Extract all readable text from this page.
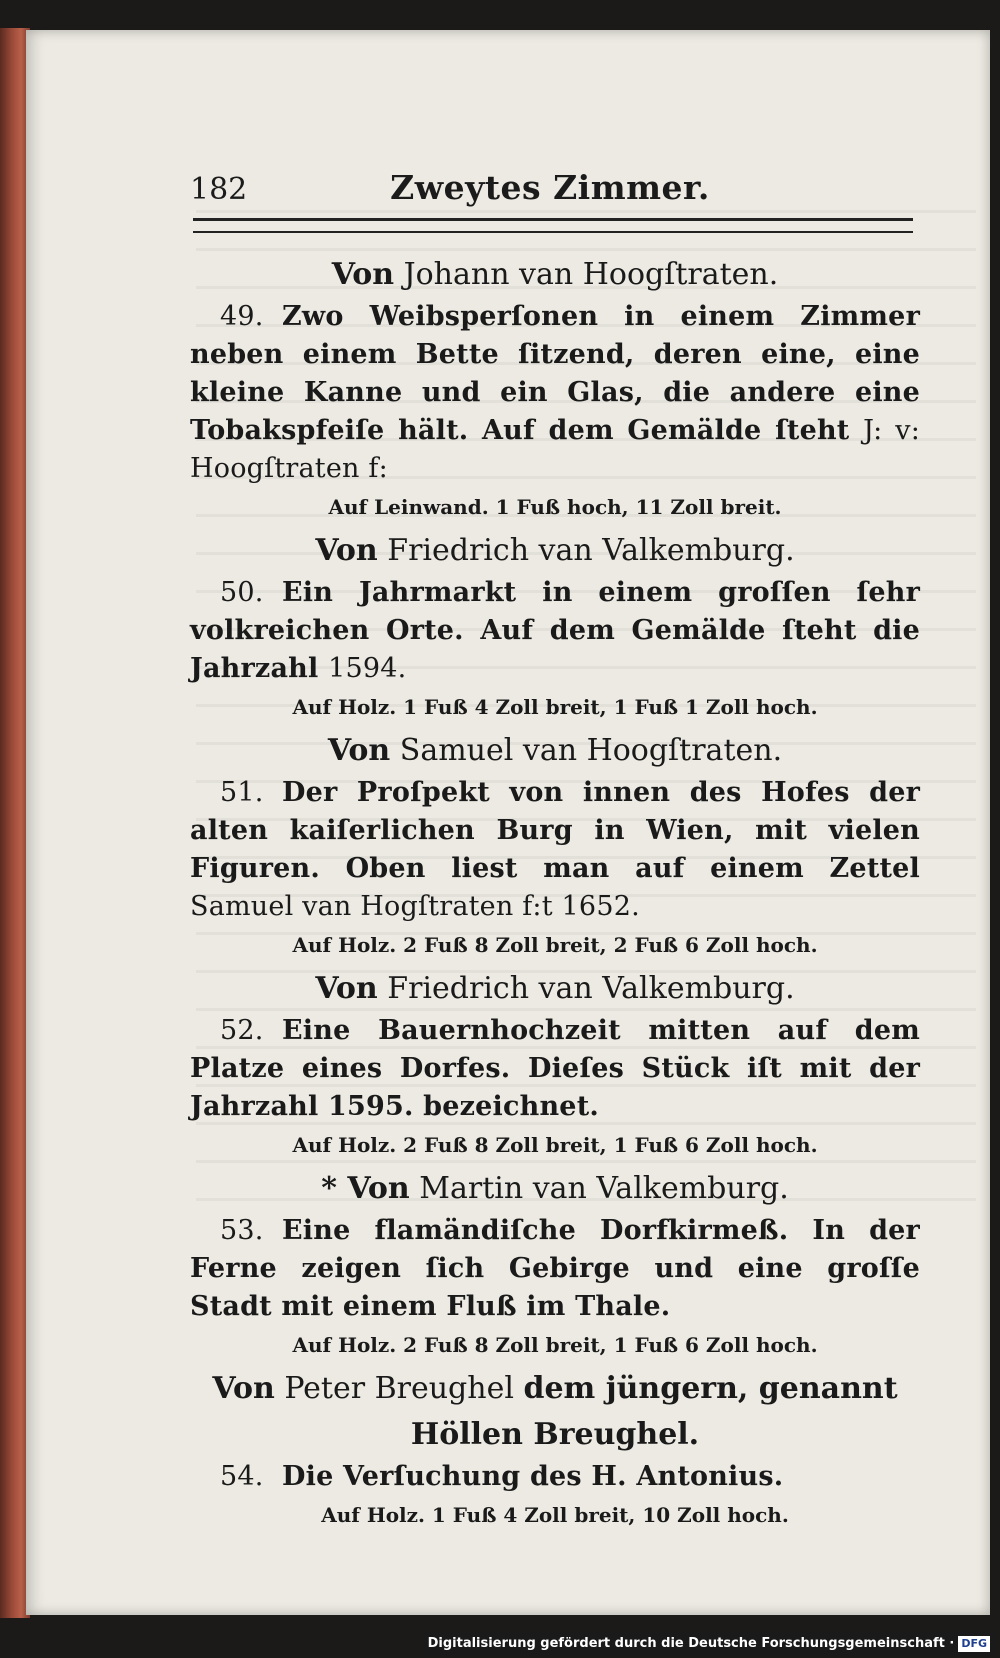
182	Zweytes Zimmer.

Von Johann van Hoogſtraten.

49. Zwo Weibsperſonen in einem Zimmer neben einem Bette ſitzend, deren eine, eine kleine Kanne und ein Glas, die andere eine Tobakspfeiſe hält. Auf dem Gemälde ſteht J: v: Hoogſtraten f:

Auf Leinwand. 1 Fuß hoch, 11 Zoll breit.

Von Friedrich van Valkemburg.

50. Ein Jahrmarkt in einem groſſen ſehr volkreichen Orte. Auf dem Gemälde ſteht die Jahrzahl 1594.

Auf Holz. 1 Fuß 4 Zoll breit, 1 Fuß 1 Zoll hoch.

Von Samuel van Hoogſtraten.

51. Der Proſpekt von innen des Hofes der alten kaiſerlichen Burg in Wien, mit vielen Figuren. Oben liest man auf einem Zettel Samuel van Hogſtraten f:t 1652.

Auf Holz. 2 Fuß 8 Zoll breit, 2 Fuß 6 Zoll hoch.

Von Friedrich van Valkemburg.

52. Eine Bauernhochzeit mitten auf dem Platze eines Dorfes. Dieſes Stück iſt mit der Jahrzahl 1595. bezeichnet.

Auf Holz. 2 Fuß 8 Zoll breit, 1 Fuß 6 Zoll hoch.

* Von Martin van Valkemburg.

53. Eine flamändiſche Dorfkirmeß. In der Ferne zeigen ſich Gebirge und eine groſſe Stadt mit einem Fluß im Thale.

Auf Holz. 2 Fuß 8 Zoll breit, 1 Fuß 6 Zoll hoch.

Von Peter Breughel dem jüngern, genannt Höllen Breughel.

54. Die Verſuchung des H. Antonius.

Auf Holz. 1 Fuß 4 Zoll breit, 10 Zoll hoch.

Digitalisierung gefördert durch die Deutsche Forschungsgemeinschaft · DFG
